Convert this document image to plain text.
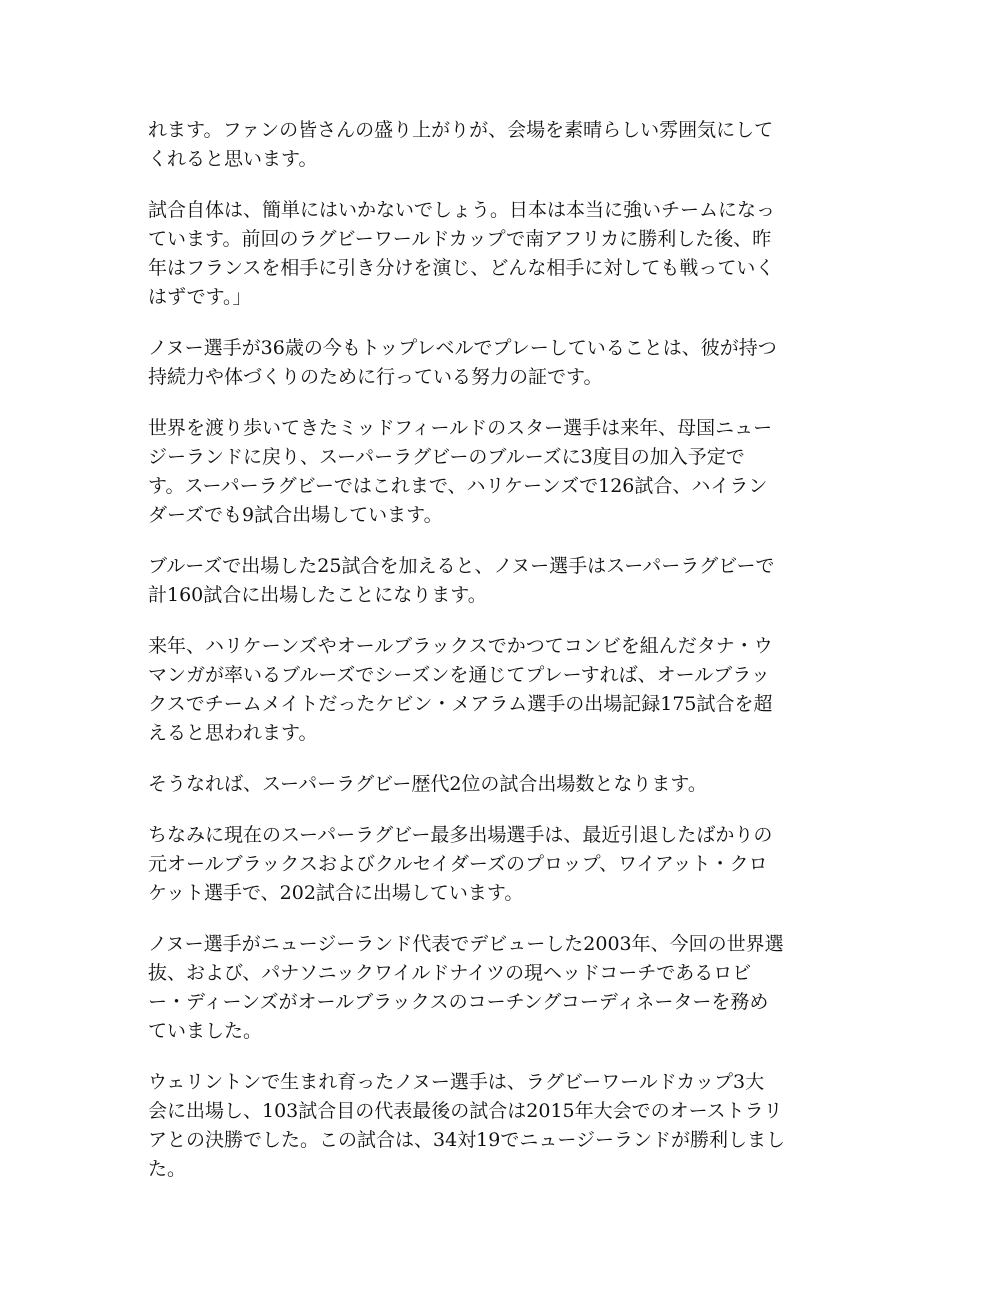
れます。ファンの皆さんの盛り上がりが、会場を素晴らしい雰囲気にして
くれると思います。
試合自体は、簡単にはいかないでしょう。日本は本当に強いチームになっ
ています。前回のラグビーワールドカップで南アフリカに勝利した後、昨
年はフランスを相手に引き分けを演じ、どんな相手に対しても戦っていく
はずです。」
ノヌー選手が36歳の今もトップレベルでプレーしていることは、彼が持つ
持続力や体づくりのために行っている努力の証です。
世界を渡り歩いてきたミッドフィールドのスター選手は来年、母国ニュー
ジーランドに戻り、スーパーラグビーのブルーズに3度目の加入予定で
す。スーパーラグビーではこれまで、ハリケーンズで126試合、ハイラン
ダーズでも9試合出場しています。
ブルーズで出場した25試合を加えると、ノヌー選手はスーパーラグビーで
計160試合に出場したことになります。
来年、ハリケーンズやオールブラックスでかつてコンビを組んだタナ・ウ
マンガが率いるブルーズでシーズンを通じてプレーすれば、オールブラッ
クスでチームメイトだったケビン・メアラム選手の出場記録175試合を超
えると思われます。
そうなれば、スーパーラグビー歴代2位の試合出場数となります。
ちなみに現在のスーパーラグビー最多出場選手は、最近引退したばかりの
元オールブラックスおよびクルセイダーズのプロップ、ワイアット・クロ
ケット選手で、202試合に出場しています。
ノヌー選手がニュージーランド代表でデビューした2003年、今回の世界選
抜、および、パナソニックワイルドナイツの現ヘッドコーチであるロビ
ー・ディーンズがオールブラックスのコーチングコーディネーターを務め
ていました。
ウェリントンで生まれ育ったノヌー選手は、ラグビーワールドカップ3大
会に出場し、103試合目の代表最後の試合は2015年大会でのオーストラリ
アとの決勝でした。この試合は、34対19でニュージーランドが勝利しまし
た。
